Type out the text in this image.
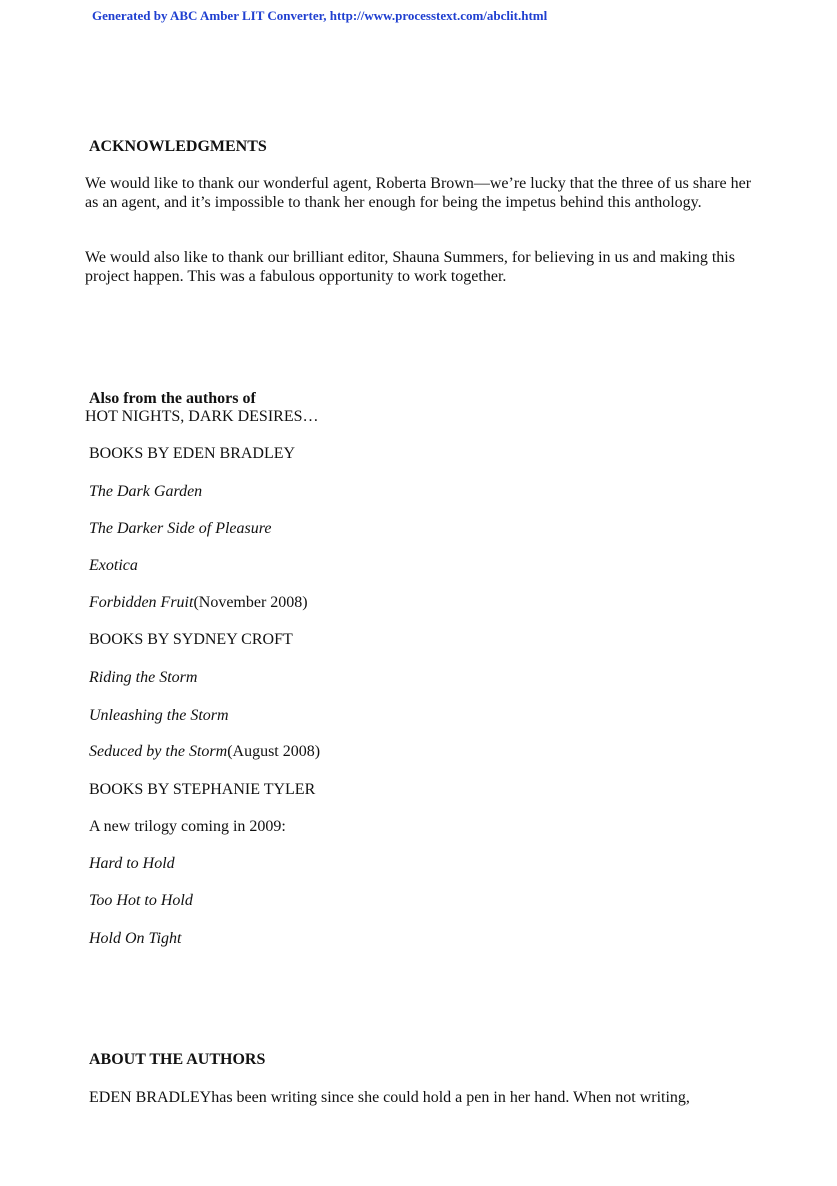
Generated by ABC Amber LIT Converter, http://www.processtext.com/abclit.html
ACKNOWLEDGMENTS
We would like to thank our wonderful agent, Roberta Brown—we’re lucky that the three of us share her as an agent, and it’s impossible to thank her enough for being the impetus behind this anthology.
We would also like to thank our brilliant editor, Shauna Summers, for believing in us and making this project happen. This was a fabulous opportunity to work together.
Also from the authors of
HOT NIGHTS, DARK DESIRES…
BOOKS BY EDEN BRADLEY
The Dark Garden
The Darker Side of Pleasure
Exotica
Forbidden Fruit(November 2008)
BOOKS BY SYDNEY CROFT
Riding the Storm
Unleashing the Storm
Seduced by the Storm(August 2008)
BOOKS BY STEPHANIE TYLER
A new trilogy coming in 2009:
Hard to Hold
Too Hot to Hold
Hold On Tight
ABOUT THE AUTHORS
EDEN BRADLEYhas been writing since she could hold a pen in her hand. When not writing,
